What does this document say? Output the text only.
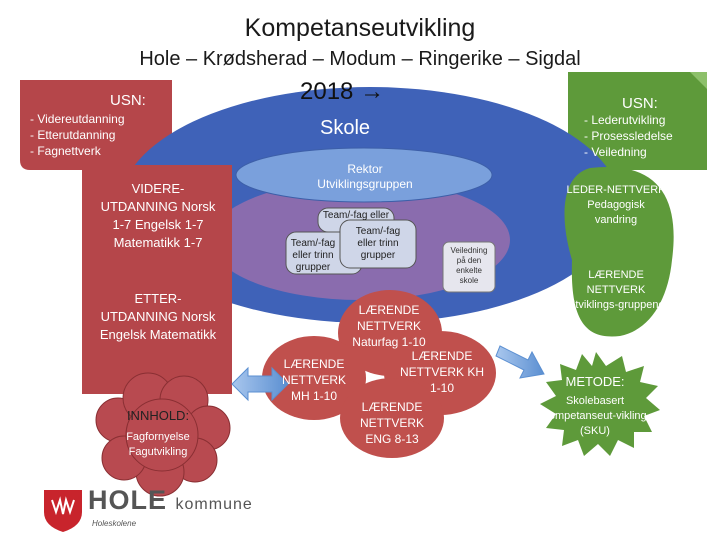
Kompetanseutvikling
Hole – Krødsherad – Modum – Ringerike – Sigdal
2018 →
USN:
- Videreutdanning
- Etterutdanning
- Fagnettverk
USN:
- Lederutvikling
- Prosessledelse
- Veiledning
Skole
Rektor Utviklingsgruppen
Team/-fag eller
Team/-fag eller trinn grupper
Team/-fag eller trinn grupper	Veiledning på den enkelte skole
VIDERE-UTDANNING Norsk 1-7 Engelsk 1-7 Matematikk 1-7
ETTER-UTDANNING Norsk Engelsk Matematikk
INNHOLD:
Fagfornyelse Fagutvikling
LÆRENDE NETTVERK Naturfag 1-10
LÆRENDE NETTVERK MH 1-10
LÆRENDE NETTVERK KH 1-10
LÆRENDE NETTVERK ENG 8-13
LEDER-NETTVERK Pedagogisk vandring
LÆRENDE NETTVERK Utviklings-gruppene
METODE:
Skolebasert kompetanseut-vikling (SKU)
HOLE kommune
Holeskolene
